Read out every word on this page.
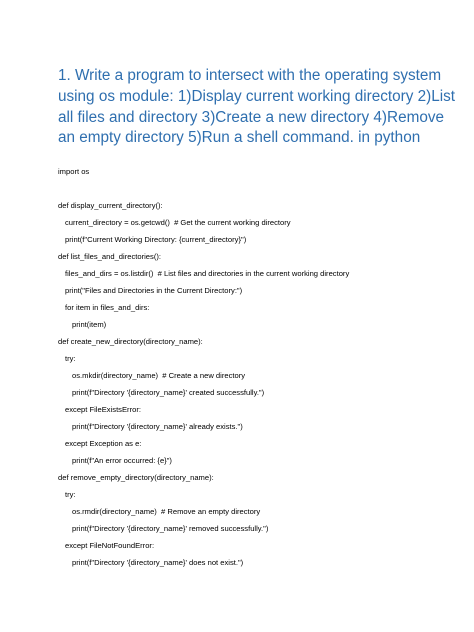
1. Write a program to intersect with the operating system using os module: 1)Display current working directory 2)List all files and directory 3)Create a new directory 4)Remove an empty directory 5)Run a shell command. in python
import os
def display_current_directory():
current_directory = os.getcwd()  # Get the current working directory
print(f"Current Working Directory: {current_directory}")
def list_files_and_directories():
files_and_dirs = os.listdir()  # List files and directories in the current working directory
print("Files and Directories in the Current Directory:")
for item in files_and_dirs:
print(item)
def create_new_directory(directory_name):
try:
os.mkdir(directory_name)  # Create a new directory
print(f"Directory '{directory_name}' created successfully.")
except FileExistsError:
print(f"Directory '{directory_name}' already exists.")
except Exception as e:
print(f"An error occurred: {e}")
def remove_empty_directory(directory_name):
try:
os.rmdir(directory_name)  # Remove an empty directory
print(f"Directory '{directory_name}' removed successfully.")
except FileNotFoundError:
print(f"Directory '{directory_name}' does not exist.")
